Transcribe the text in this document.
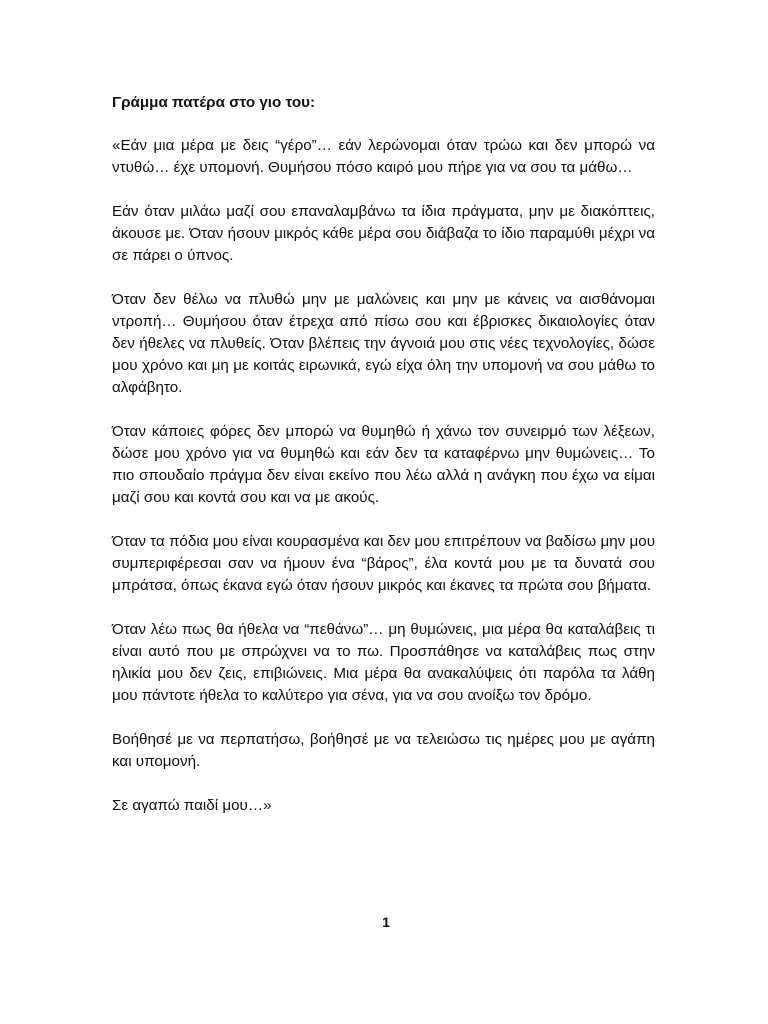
Γράμμα πατέρα στο γιο του:

«Εάν μια μέρα με δεις “γέρο”… εάν λερώνομαι όταν τρώω και δεν μπορώ να ντυθώ… έχε υπομονή. Θυμήσου πόσο καιρό μου πήρε για να σου τα μάθω…

Εάν όταν μιλάω μαζί σου επαναλαμβάνω τα ίδια πράγματα, μην με διακόπτεις, άκουσε με. Όταν ήσουν μικρός κάθε μέρα σου διάβαζα το ίδιο παραμύθι μέχρι να σε πάρει ο ύπνος.

Όταν δεν θέλω να πλυθώ μην με μαλώνεις και μην με κάνεις να αισθάνομαι ντροπή… Θυμήσου όταν έτρεχα από πίσω σου και έβρισκες δικαιολογίες όταν δεν ήθελες να πλυθείς. Όταν βλέπεις την άγνοιά μου στις νέες τεχνολογίες, δώσε μου χρόνο και μη με κοιτάς ειρωνικά, εγώ είχα όλη την υπομονή να σου μάθω το αλφάβητο.

Όταν κάποιες φόρες δεν μπορώ να θυμηθώ ή χάνω τον συνειρμό των λέξεων, δώσε μου χρόνο για να θυμηθώ και εάν δεν τα καταφέρνω μην θυμώνεις… Το πιο σπουδαίο πράγμα δεν είναι εκείνο που λέω αλλά η ανάγκη που έχω να είμαι μαζί σου και κοντά σου και να με ακούς.

Όταν τα πόδια μου είναι κουρασμένα και δεν μου επιτρέπουν να βαδίσω μην μου συμπεριφέρεσαι σαν να ήμουν ένα “βάρος”, έλα κοντά μου με τα δυνατά σου μπράτσα, όπως έκανα εγώ όταν ήσουν μικρός και έκανες τα πρώτα σου βήματα.

Όταν λέω πως θα ήθελα να “πεθάνω”… μη θυμώνεις, μια μέρα θα καταλάβεις τι είναι αυτό που με σπρώχνει να το πω. Προσπάθησε να καταλάβεις πως στην ηλικία μου δεν ζεις, επιβιώνεις. Μια μέρα θα ανακαλύψεις ότι παρόλα τα λάθη μου πάντοτε ήθελα το καλύτερο για σένα, για να σου ανοίξω τον δρόμο.

Βοήθησέ με να περπατήσω, βοήθησέ με να τελειώσω τις ημέρες μου με αγάπη και υπομονή.

Σε αγαπώ παιδί μου…»

1
